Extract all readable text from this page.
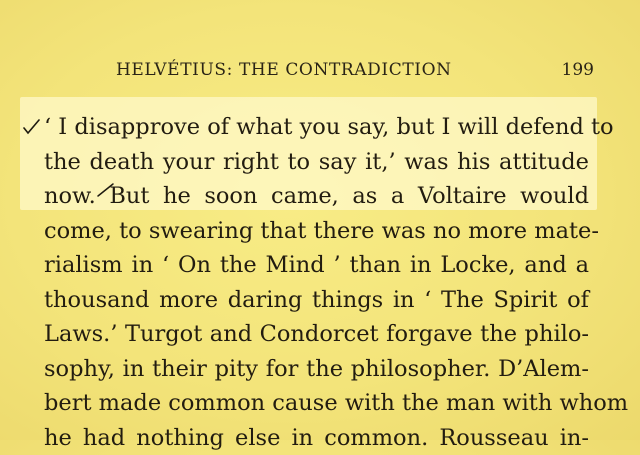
HELVÉTIUS: THE CONTRADICTION	199
‘ I disapprove of what you say, but I will defend to
the death your right to say it,’ was his attitude
now. But he soon came, as a Voltaire would
come, to swearing that there was no more mate-
rialism in ‘ On the Mind ’ than in Locke, and a
thousand more daring things in ‘ The Spirit of
Laws.’ Turgot and Condorcet forgave the philo-
sophy, in their pity for the philosopher. D’Alem-
bert made common cause with the man with whom
he had nothing else in common. Rousseau in-
